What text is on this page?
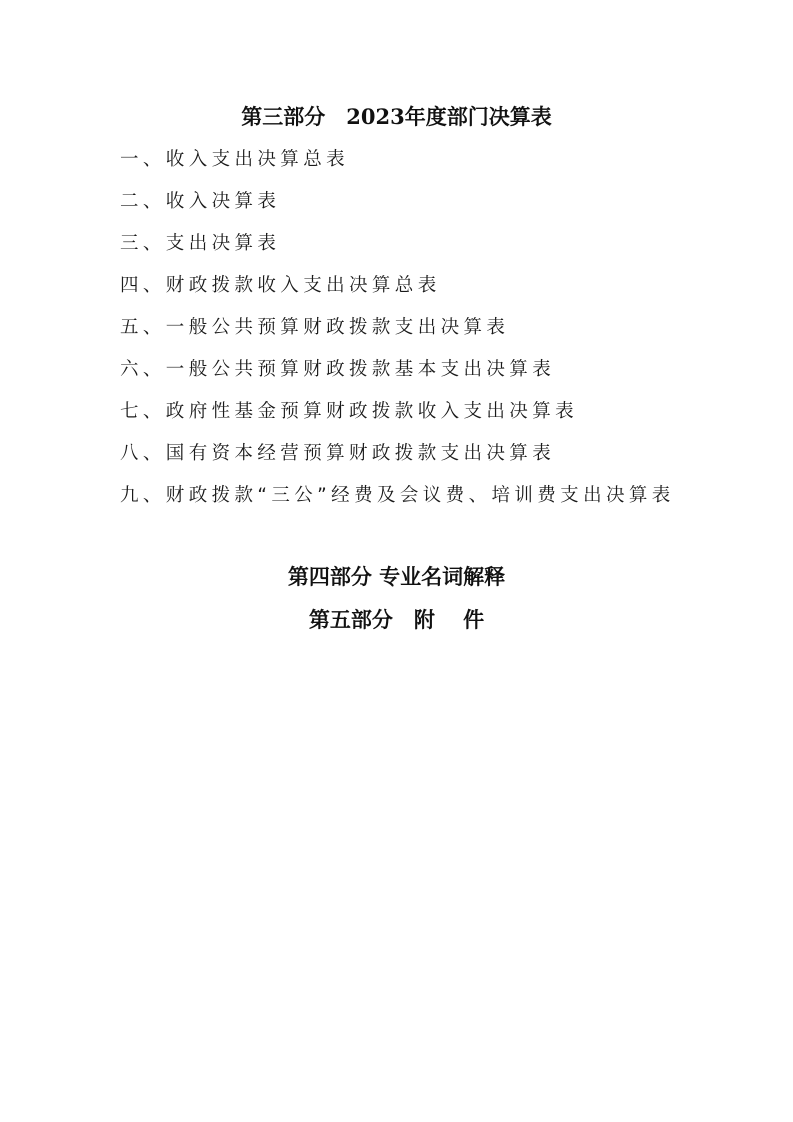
第三部分　2023年度部门决算表
一、收入支出决算总表
二、收入决算表
三、支出决算表
四、财政拨款收入支出决算总表
五、一般公共预算财政拨款支出决算表
六、一般公共预算财政拨款基本支出决算表
七、政府性基金预算财政拨款收入支出决算表
八、国有资本经营预算财政拨款支出决算表
九、财政拨款“三公”经费及会议费、培训费支出决算表
第四部分 专业名词解释
第五部分　附　 件
